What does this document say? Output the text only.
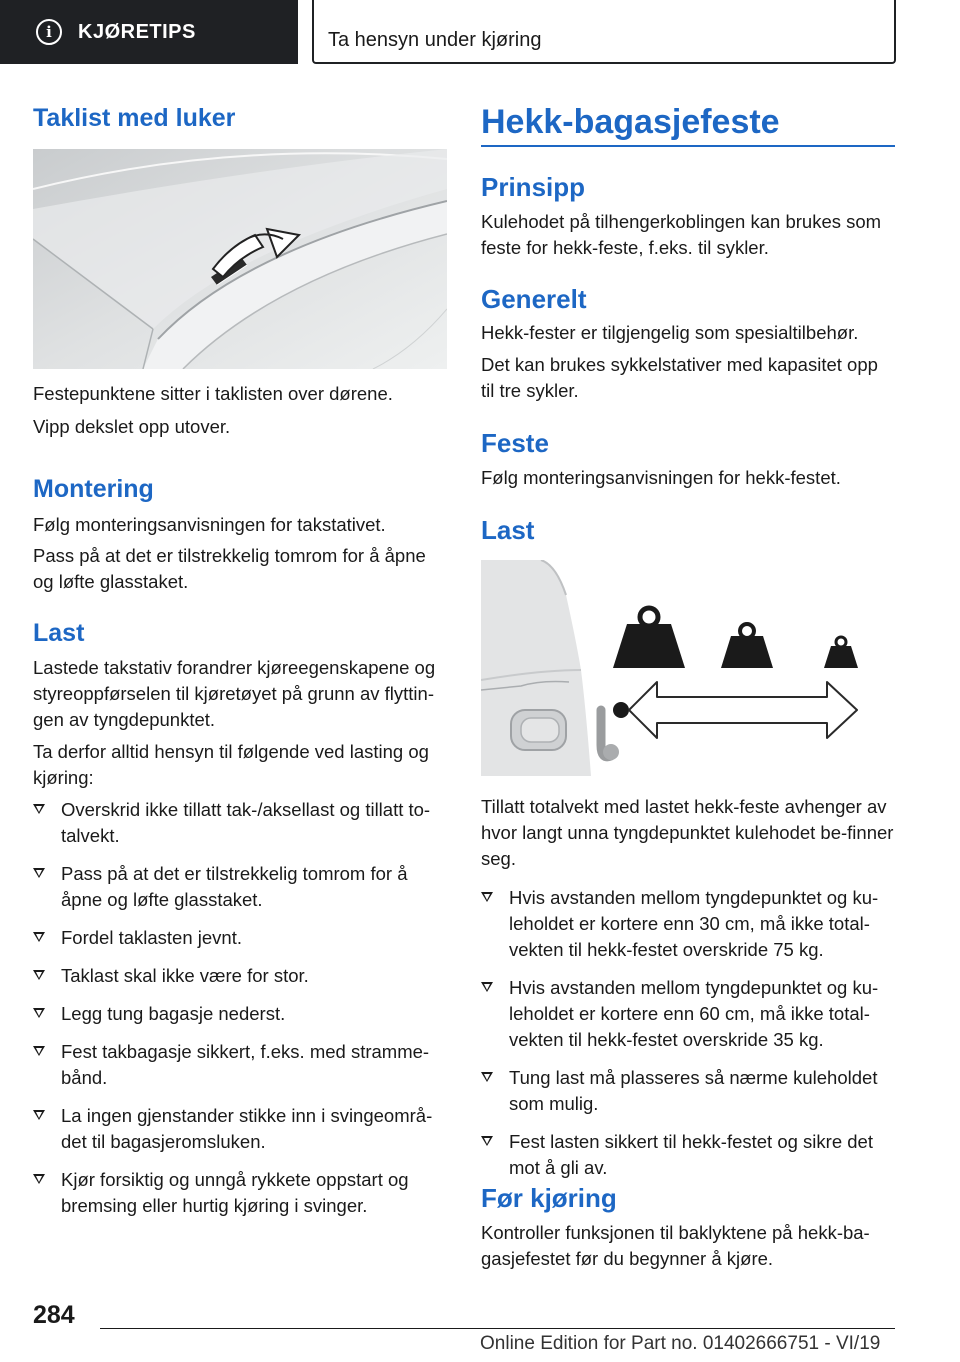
i	KJØRETIPS	Ta hensyn under kjøring
Taklist med luker

Festepunktene sitter i taklisten over dørene.

Vipp dekslet opp utover.

Montering

Følg monteringsanvisningen for takstativet.

Pass på at det er tilstrekkelig tomrom for å åpne og løfte glasstaket.

Last

Lastede takstativ forandrer kjøreegenskapene og styreoppførselen til kjøretøyet på grunn av flyttin-gen av tyngdepunktet.

Ta derfor alltid hensyn til følgende ved lasting og kjøring:

Overskrid ikke tillatt tak-/aksellast og tillatt to-talvekt.
Pass på at det er tilstrekkelig tomrom for å åpne og løfte glasstaket.
Fordel taklasten jevnt.
Taklast skal ikke være for stor.
Legg tung bagasje nederst.
Fest takbagasje sikkert, f.eks. med stramme-bånd.
La ingen gjenstander stikke inn i svingeområ-det til bagasjeromsluken.
Kjør forsiktig og unngå rykkete oppstart og bremsing eller hurtig kjøring i svinger.
Hekk-bagasjefeste
Prinsipp

Kulehodet på tilhengerkoblingen kan brukes som feste for hekk-feste, f.eks. til sykler.

Generelt

Hekk-fester er tilgjengelig som spesialtilbehør.

Det kan brukes sykkelstativer med kapasitet opp til tre sykler.

Feste

Følg monteringsanvisningen for hekk-festet.

Last

Tillatt totalvekt med lastet hekk-feste avhenger av hvor langt unna tyngdepunktet kulehodet be-finner seg.

Hvis avstanden mellom tyngdepunktet og ku-leholdet er kortere enn 30 cm, må ikke total-vekten til hekk-festet overskride 75 kg.
Hvis avstanden mellom tyngdepunktet og ku-leholdet er kortere enn 60 cm, må ikke total-vekten til hekk-festet overskride 35 kg.
Tung last må plasseres så nærme kuleholdet som mulig.
Fest lasten sikkert til hekk-festet og sikre det mot å gli av.
Før kjøring

Kontroller funksjonen til baklyktene på hekk-ba-gasjefestet før du begynner å kjøre.

284
Online Edition for Part no. 01402666751 - VI/19
